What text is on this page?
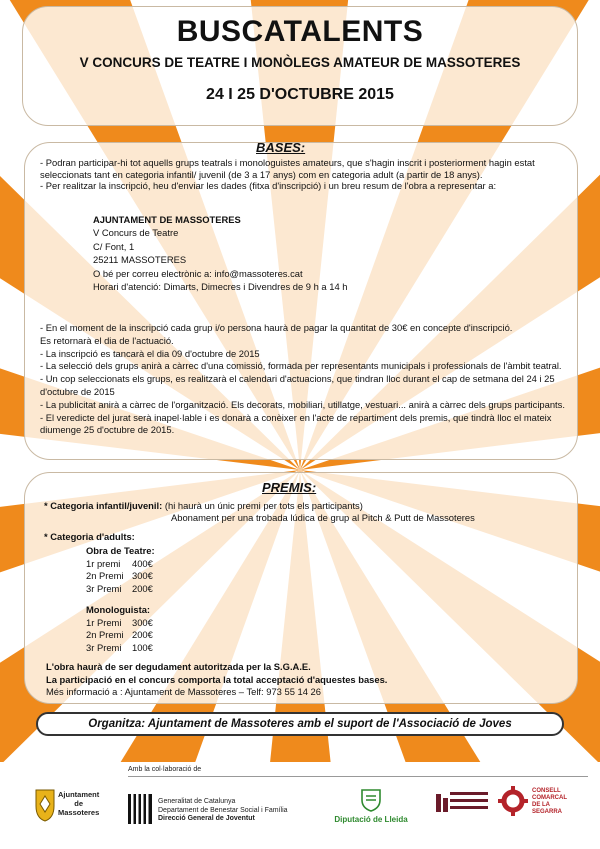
BUSCATALENTS
V CONCURS DE TEATRE I MONÒLEGS AMATEUR DE MASSOTERES
24 I 25 D'OCTUBRE 2015
BASES:

- Podran participar-hi tot aquells grups teatrals i monologuistes amateurs, que s'hagin inscrit i posteriorment hagin estat

seleccionats tant en categoria infantil/ juvenil (de 3 a 17 anys) com en categoria adult (a partir de 18 anys).

- Per realitzar la inscripció, heu d'enviar les dades (fitxa d'inscripció) i un breu resum de l'obra a representar a:

AJUNTAMENT DE MASSOTERES

V Concurs de Teatre

C/ Font, 1

25211 MASSOTERES

O bé per correu electrònic a: info@massoteres.cat

Horari d'atenció: Dimarts, Dimecres i Divendres de 9 h a 14 h

- En el moment de la inscripció cada grup i/o persona haurà de pagar la quantitat de 30€ en concepte d'inscripció.

Es retornarà el dia de l'actuació.

- La inscripció es tancarà el dia 09 d'octubre de 2015

- La selecció dels grups anirà a càrrec d'una comissió, formada per representants municipals i professionals de l'àmbit teatral.

- Un cop seleccionats els grups, es realitzarà el calendari d'actuacions, que tindran lloc durant el cap de setmana del 24 i 25

d'octubre de 2015

- La publicitat anirà a càrrec de l'organització. Els decorats, mobiliari, utillatge, vestuari... anirà a càrrec dels grups participants.

- El veredicte del jurat serà inapel·lable i es donarà a conèixer en l'acte de repartiment dels premis, que tindrà lloc el mateix

diumenge 25 d'octubre de 2015.

PREMIS:

* Categoria infantil/juvenil: (hi haurà un únic premi per tots els participants)

Abonament per una trobada lúdica de grup al Pitch & Putt de Massoteres

* Categoria d'adults:

Obra de Teatre:

1r premi 400€

2n Premi 300€

3r Premi 200€

Monologuista:

1r Premi 300€

2n Premi 200€

3r Premi 100€

L'obra haurà de ser degudament autoritzada per la S.G.A.E.

La participació en el concurs comporta la total acceptació d'aquestes bases.

Més informació a : Ajuntament de Massoteres – Telf: 973 55 14 26

Organitza: Ajuntament de Massoteres amb el suport de l'Associació de Joves
Amb la col·laboració de
Ajuntament
de
Massoteres
Generalitat de Catalunya
Departament de Benestar Social i Família
Direcció General de Joventut	Diputació de Lleida
CONSELL
COMARCAL
DE LA
SEGARRA
